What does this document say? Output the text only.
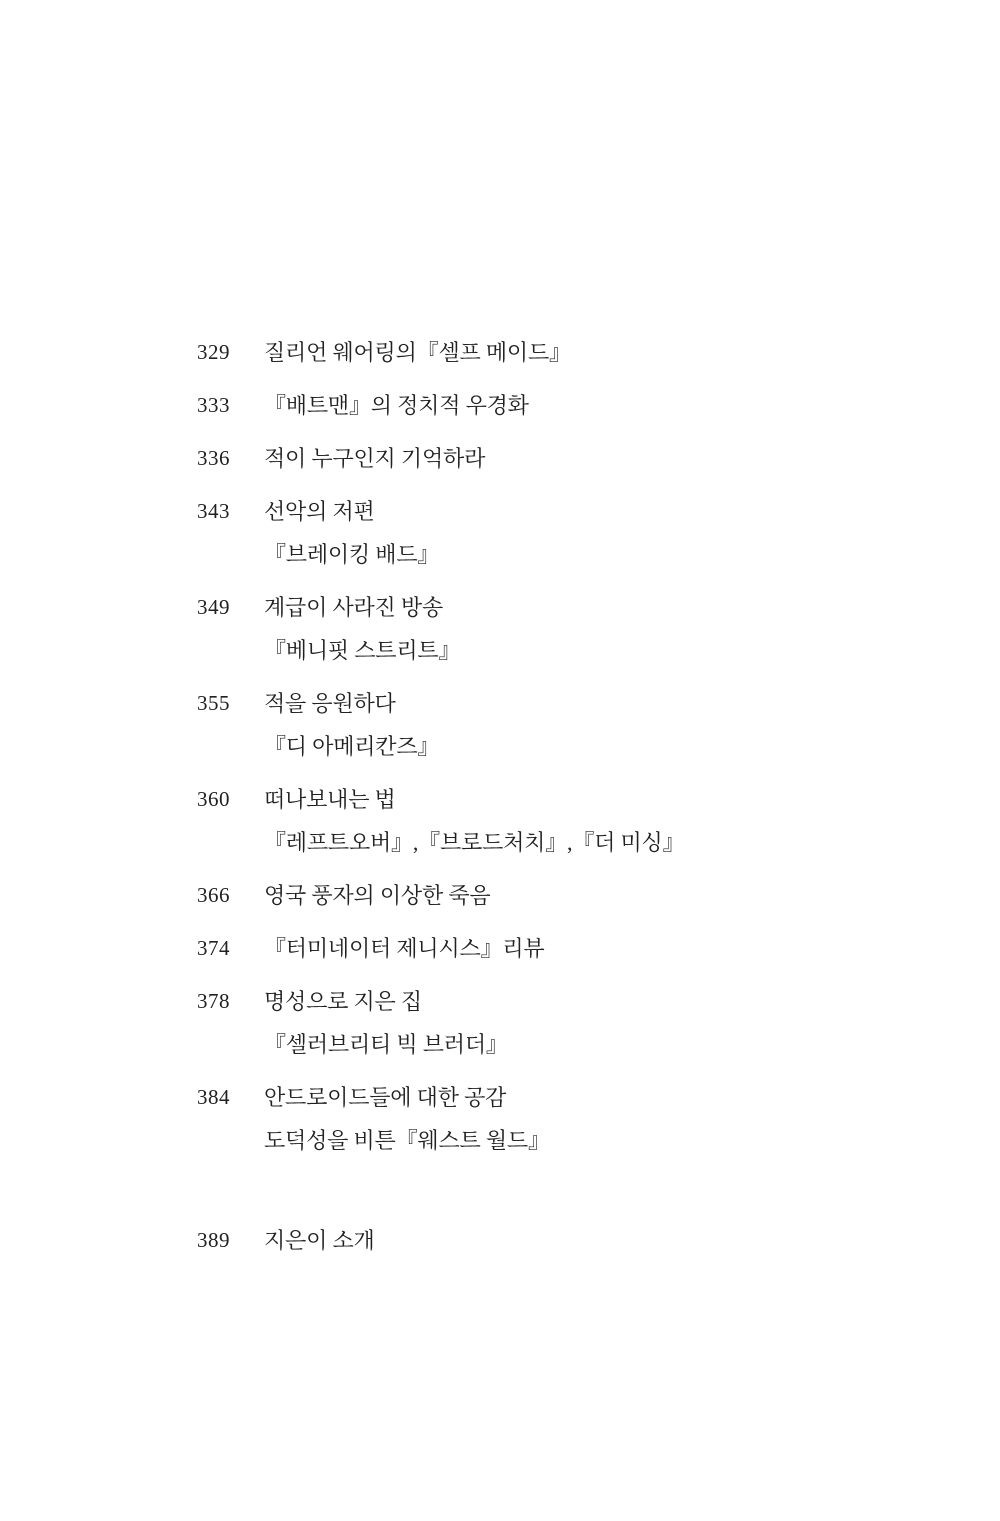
329	질리언 웨어링의『셀프 메이드』
333	『배트맨』의 정치적 우경화
336	적이 누구인지 기억하라
343	선악의 저편
『브레이킹 배드』
349	계급이 사라진 방송
『베니핏 스트리트』
355	적을 응원하다
『디 아메리칸즈』
360	떠나보내는 법
『레프트오버』,『브로드처치』,『더 미싱』
366	영국 풍자의 이상한 죽음
374	『터미네이터 제니시스』리뷰
378	명성으로 지은 집
『셀러브리티 빅 브러더』
384	안드로이드들에 대한 공감
도덕성을 비튼『웨스트 월드』
389	지은이 소개
